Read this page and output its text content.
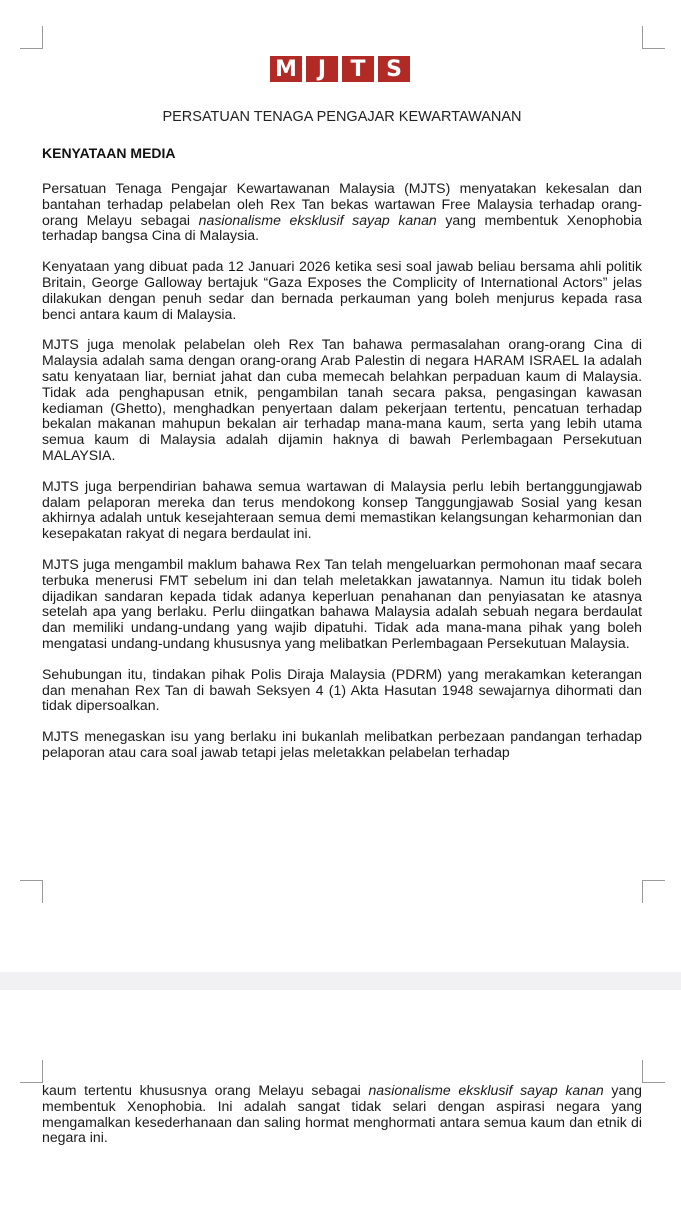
M J	T S
PERSATUAN TENAGA PENGAJAR KEWARTAWANAN
KENYATAAN MEDIA

Persatuan Tenaga Pengajar Kewartawanan Malaysia (MJTS) menyatakan kekesalan dan bantahan terhadap pelabelan oleh Rex Tan bekas wartawan Free Malaysia terhadap orang-orang Melayu sebagai nasionalisme eksklusif sayap kanan yang membentuk Xenophobia terhadap bangsa Cina di Malaysia.

Kenyataan yang dibuat pada 12 Januari 2026 ketika sesi soal jawab beliau bersama ahli politik Britain, George Galloway bertajuk “Gaza Exposes the Complicity of International Actors” jelas dilakukan dengan penuh sedar dan bernada perkauman yang boleh menjurus kepada rasa benci antara kaum di Malaysia.

MJTS juga menolak pelabelan oleh Rex Tan bahawa permasalahan orang-orang Cina di Malaysia adalah sama dengan orang-orang Arab Palestin di negara HARAM ISRAEL Ia adalah satu kenyataan liar, berniat jahat dan cuba memecah belahkan perpaduan kaum di Malaysia. Tidak ada penghapusan etnik, pengambilan tanah secara paksa, pengasingan kawasan kediaman (Ghetto), menghadkan penyertaan dalam pekerjaan tertentu, pencatuan terhadap bekalan makanan mahupun bekalan air terhadap mana-mana kaum, serta yang lebih utama semua kaum di Malaysia adalah dijamin haknya di bawah Perlembagaan Persekutuan MALAYSIA.

MJTS juga berpendirian bahawa semua wartawan di Malaysia perlu lebih bertanggungjawab dalam pelaporan mereka dan terus mendokong konsep Tanggungjawab Sosial yang kesan akhirnya adalah untuk kesejahteraan semua demi memastikan kelangsungan keharmonian dan kesepakatan rakyat di negara berdaulat ini.

MJTS juga mengambil maklum bahawa Rex Tan telah mengeluarkan permohonan maaf secara terbuka menerusi FMT sebelum ini dan telah meletakkan jawatannya. Namun itu tidak boleh dijadikan sandaran kepada tidak adanya keperluan penahanan dan penyiasatan ke atasnya setelah apa yang berlaku. Perlu diingatkan bahawa Malaysia adalah sebuah negara berdaulat dan memiliki undang-undang yang wajib dipatuhi. Tidak ada mana-mana pihak yang boleh mengatasi undang-undang khususnya yang melibatkan Perlembagaan Persekutuan Malaysia.

Sehubungan itu, tindakan pihak Polis Diraja Malaysia (PDRM) yang merakamkan keterangan dan menahan Rex Tan di bawah Seksyen 4 (1) Akta Hasutan 1948 sewajarnya dihormati dan tidak dipersoalkan.

MJTS menegaskan isu yang berlaku ini bukanlah melibatkan perbezaan pandangan terhadap pelaporan atau cara soal jawab tetapi jelas meletakkan pelabelan terhadap

kaum tertentu khususnya orang Melayu sebagai nasionalisme eksklusif sayap kanan yang membentuk Xenophobia. Ini adalah sangat tidak selari dengan aspirasi negara yang mengamalkan kesederhanaan dan saling hormat menghormati antara semua kaum dan etnik di negara ini.
